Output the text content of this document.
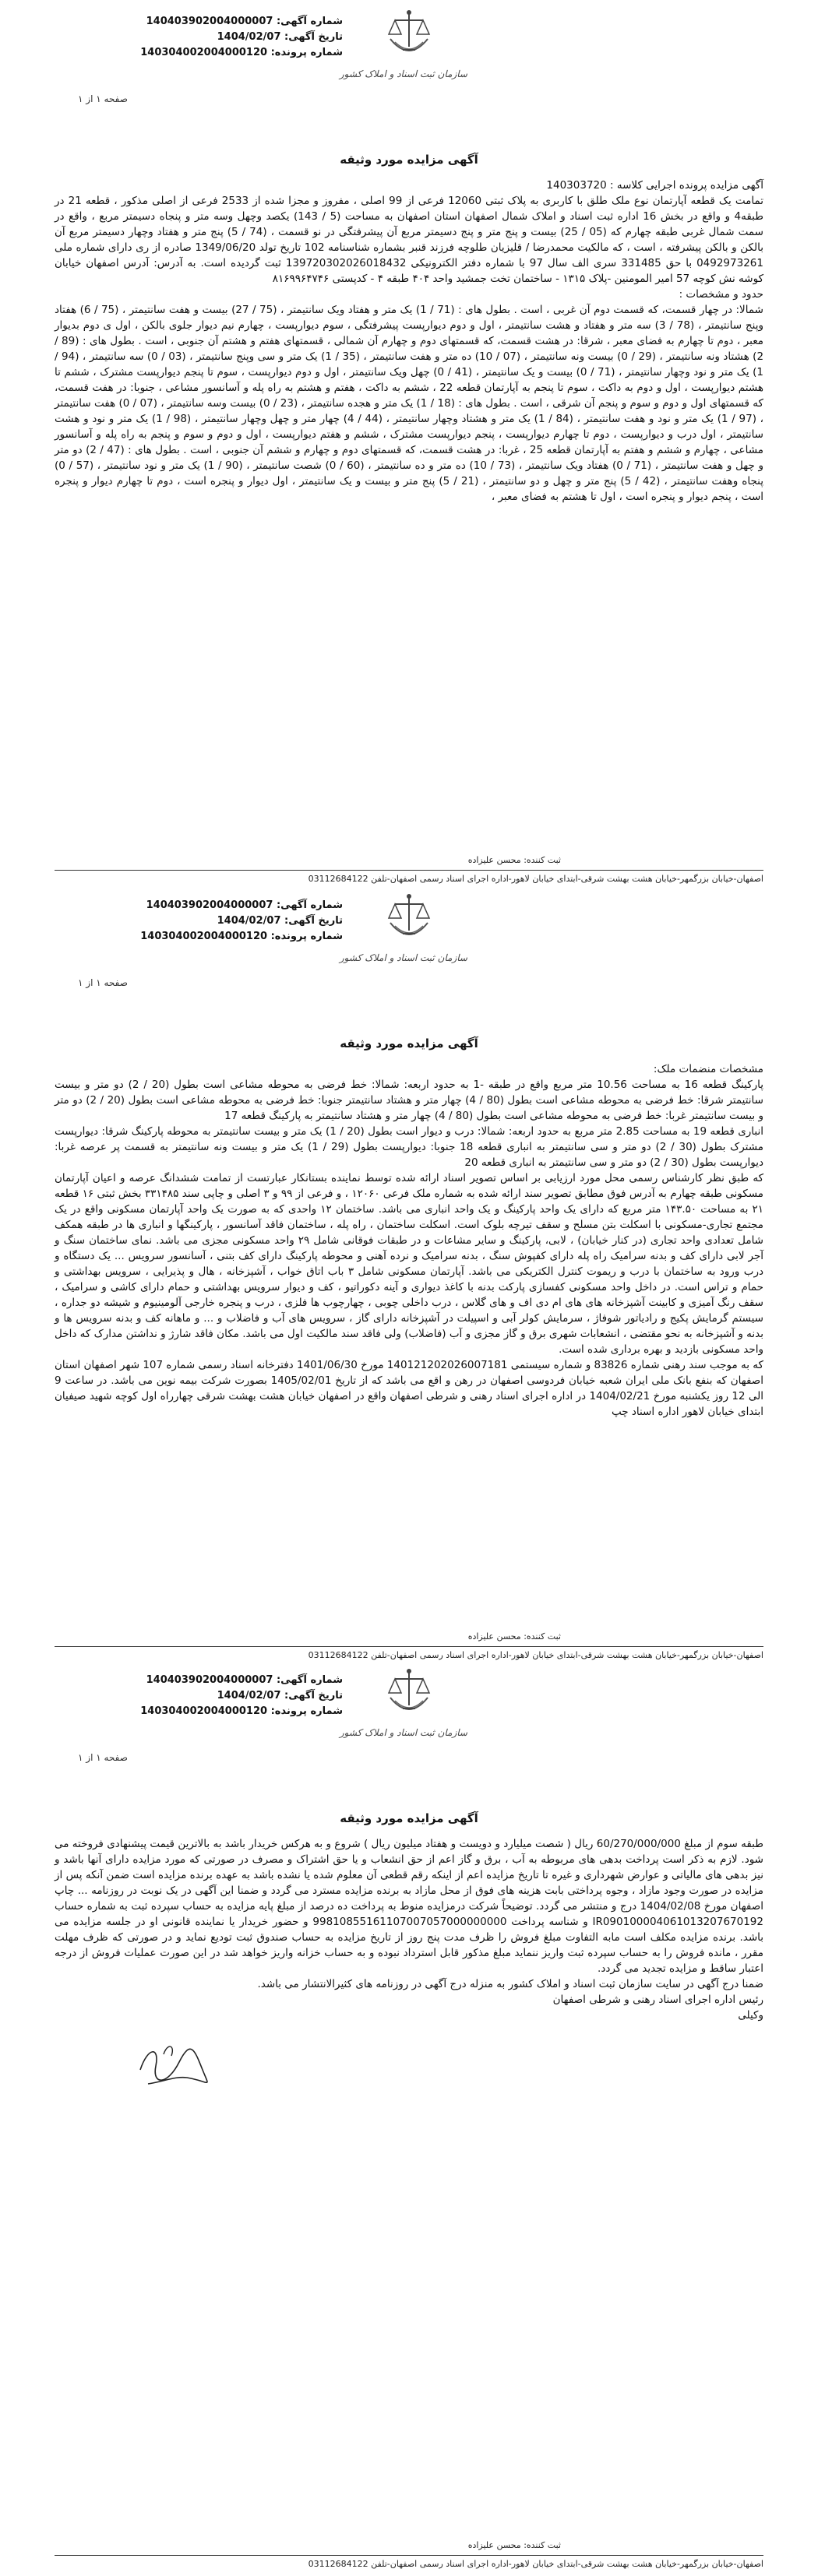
شماره آگهی: 140403902004000007
تاریخ آگهی: 1404/02/07
شماره پرونده: 140304002004000120
سازمان ثبت اسناد و املاک کشور
صفحه ۱ از ۱
آگهی مزایده مورد وثیقه
آگهی مزایده پرونده اجرایی کلاسه : 140303720
تمامت یک قطعه آپارتمان نوع ملک طلق با کاربری به پلاک ثبتی 12060 فرعی از 99 اصلی ، مفروز و مجزا شده از 2533 فرعی از اصلی مذکور ، قطعه 21 در طبقه4 و واقع در بخش 16 اداره ثبت اسناد و املاک شمال اصفهان استان اصفهان به مساحت (5 / 143) یکصد وچهل وسه متر و پنجاه دسیمتر مربع ، واقع در سمت شمال غربی طبقه چهارم که (05 / 25) بیست و پنج متر و پنج دسیمتر مربع آن پیشرفتگی در نو قسمت ، (74 / 5) پنج متر و هفتاد وچهار دسیمتر مربع آن بالکن و بالکن پیشرفته ، است ، که مالکیت محمدرضا / قلیزیان طلوچه فرزند قنبر بشماره شناسنامه 102 تاریخ تولد 1349/06/20 صادره از ری دارای شماره ملی 0492973261 با حق 331485 سری الف سال 97 با شماره دفتر الکترونیکی 139720302026018432 ثبت گردیده است. به آدرس: آدرس اصفهان خیابان کوشه نش کوچه 57 امیر المومنین -پلاک ۱۳۱۵ - ساختمان تخت جمشید واحد ۴۰۴ طبقه ۴ - کدپستی ۸۱۶۹۹۶۴۷۴۶
حدود و مشخصات :
شمالا: در چهار قسمت، که قسمت دوم آن غربی ، است . بطول های : (71 / 1) یک متر و هفتاد ویک سانتیمتر ، (75 / 27) بیست و هفت سانتیمتر ، (75 / 6) هفتاد وپنج سانتیمتر ، (78 / 3) سه متر و هفتاد و هشت سانتیمتر ، اول و دوم دیوارپست پیشرفتگی ، سوم دیوارپست ، چهارم نیم دیوار جلوی بالکن ، اول ی دوم بدیوار معبر ، دوم تا چهارم به فضای معبر ، شرقا: در هشت قسمت، که قسمتهای دوم و چهارم آن شمالی ، قسمتهای هفتم و هشتم آن جنوبی ، است . بطول های : (89 / 2) هشتاد ونه سانتیمتر ، (29 / 0) بیست ونه سانتیمتر ، (07 / 10) ده متر و هفت سانتیمتر ، (35 / 1) یک متر و سی وپنج سانتیمتر ، (03 / 0) سه سانتیمتر ، (94 / 1) یک متر و نود وچهار سانتیمتر ، (71 / 0) بیست و یک سانتیمتر ، (41 / 0) چهل ویک سانتیمتر ، اول و دوم دیوارپست ، سوم تا پنجم دیوارپست مشترک ، ششم تا هشتم دیوارپست ، اول و دوم به داکت ، سوم تا پنجم به آپارتمان قطعه 22 ، ششم به داکت ، هفتم و هشتم به راه پله و آسانسور مشاعی ، جنوبا: در هفت قسمت، که قسمتهای اول و دوم و سوم و پنجم آن شرقی ، است . بطول های : (18 / 1) یک متر و هجده سانتیمتر ، (23 / 0) بیست وسه سانتیمتر ، (07 / 0) هفت سانتیمتر ، (97 / 1) یک متر و نود و هفت سانتیمتر ، (84 / 1) یک متر و هشتاد وچهار سانتیمتر ، (44 / 4) چهار متر و چهل وچهار سانتیمتر ، (98 / 1) یک متر و نود و هشت سانتیمتر ، اول درب و دیوارپست ، دوم تا چهارم دیوارپست ، پنجم دیوارپست مشترک ، ششم و هفتم دیوارپست ، اول و دوم و سوم و پنجم به راه پله و آسانسور مشاعی ، چهارم و ششم و هفتم به آپارتمان قطعه 25 ، غربا: در هشت قسمت، که قسمتهای دوم و چهارم و ششم آن جنوبی ، است . بطول های : (47 / 2) دو متر و چهل و هفت سانتیمتر ، (71 / 0) هفتاد ویک سانتیمتر ، (73 / 10) ده متر و ده سانتیمتر ، (60 / 0) شصت سانتیمتر ، (90 / 1) یک متر و نود سانتیمتر ، (57 / 0) پنجاه وهفت سانتیمتر ، (42 / 5) پنج متر و چهل و دو سانتیمتر ، (21 / 5) پنج متر و بیست و یک سانتیمتر ، اول دیوار و پنجره است ، دوم تا چهارم دیوار و پنجره است ، پنجم دیوار و پنجره است ، اول تا هشتم به فضای معبر ،
ثبت کننده: محسن علیزاده
اصفهان-خیابان بزرگمهر-خیابان هشت بهشت شرقی-ابتدای خیابان لاهور-اداره اجرای اسناد رسمی اصفهان-تلفن 03112684122
شماره آگهی: 140403902004000007
تاریخ آگهی: 1404/02/07
شماره پرونده: 140304002004000120
سازمان ثبت اسناد و املاک کشور
صفحه ۱ از ۱
آگهی مزایده مورد وثیقه
مشخصات منضمات ملک:
پارکینگ قطعه 16 به مساحت 10.56 متر مربع واقع در طبقه -1 به حدود اربعه: شمالا: خط فرضی به محوطه مشاعی است بطول (20 / 2) دو متر و بیست سانتیمتر شرقا: خط فرضی به محوطه مشاعی است بطول (80 / 4) چهار متر و هشتاد سانتیمتر جنوبا: خط فرضی به محوطه مشاعی است بطول (20 / 2) دو متر و بیست سانتیمتر غربا: خط فرضی به محوطه مشاعی است بطول (80 / 4) چهار متر و هشتاد سانتیمتر به پارکینگ قطعه 17
انباری قطعه 19 به مساحت 2.85 متر مربع به حدود اربعه: شمالا: درب و دیوار است بطول (20 / 1) یک متر و بیست سانتیمتر به محوطه پارکینگ شرقا: دیوارپست مشترک بطول (30 / 2) دو متر و سی سانتیمتر به انباری قطعه 18 جنوبا: دیوارپست بطول (29 / 1) یک متر و بیست ونه سانتیمتر به قسمت پر عرصه غربا: دیوارپست بطول (30 / 2) دو متر و سی سانتیمتر به انباری قطعه 20
که طبق نظر کارشناس رسمی محل مورد ارزیابی بر اساس تصویر اسناد ارائه شده توسط نماینده بستانکار عبارتست از تمامت ششدانگ عرصه و اعیان آپارتمان مسکونی طبقه چهارم به آدرس فوق مطابق تصویر سند ارائه شده به شماره ملک فرعی ۱۲۰۶۰ ، و فرعی از ۹۹ و ۳ اصلی و چاپی سند ۳۳۱۴۸۵ بخش ثبتی ۱۶ قطعه ۲۱ به مساحت ۱۴۳.۵۰ متر مربع که دارای یک واحد پارکینگ و یک واحد انباری می باشد. ساختمان ۱۲ واحدی که به صورت یک واحد آپارتمان مسکونی واقع در یک مجتمع تجاری-مسکونی با اسکلت بتن مسلح و سقف تیرچه بلوک است. اسکلت ساختمان ، راه پله ، ساختمان فاقد آسانسور ، پارکینگها و انباری ها در طبقه همکف شامل تعدادی واحد تجاری (در کنار خیابان) ، لابی، پارکینگ و سایر مشاعات و در طبقات فوقانی شامل ۲۹ واحد مسکونی مجزی می باشد. نمای ساختمان سنگ و آجر لابی دارای کف و بدنه سرامیک راه پله دارای کفپوش سنگ ، بدنه سرامیک و نرده آهنی و محوطه پارکینگ دارای کف بتنی ، آسانسور سرویس ... یک دستگاه و درب ورود به ساختمان با درب و ریموت کنترل الکتریکی می باشد. آپارتمان مسکونی شامل ۳ باب اتاق خواب ، آشپزخانه ، هال و پذیرایی ، سرویس بهداشتی و حمام و تراس است. در داخل واحد مسکونی کفسازی پارکت بدنه با کاغذ دیواری و آینه دکوراتیو ، کف و دیوار سرویس بهداشتی و حمام دارای کاشی و سرامیک ، سقف رنگ آمیزی و کابینت آشپزخانه های های ام دی اف و های گلاس ، درب داخلی چوبی ، چهارچوب ها فلزی ، درب و پنجره خارجی آلومینیوم و شیشه دو جداره ، سیستم گرمایش پکیج و رادیاتور شوفاژ ، سرمایش کولر آبی و اسپیلت در آشپزخانه دارای گاز ، سرویس های آب و فاضلاب و ... و ماهانه کف و بدنه سرویس ها و بدنه و آشپزخانه به نحو مقتضی ، انشعابات شهری برق و گاز مجزی و آب (فاضلاب) ولی فاقد سند مالکیت اول می باشد. مکان فاقد شارژ و نداشتن مدارک که داخل واحد مسکونی بازدید و بهره برداری شده است.
که به موجب سند رهنی شماره 83826 و شماره سیستمی 140121202026007181 مورخ 1401/06/30 دفترخانه اسناد رسمی شماره 107 شهر اصفهان استان اصفهان که بنفع بانک ملی ایران شعبه خیابان فردوسی اصفهان در رهن و اقع می باشد که از تاریخ 1405/02/01 بصورت شرکت بیمه نوین می باشد. در ساعت 9 الی 12 روز یکشنبه مورخ 1404/02/21 در اداره اجرای اسناد رهنی و شرطی اصفهان واقع در اصفهان خیابان هشت بهشت شرقی چهارراه اول کوچه شهید صیفیان ابتدای خیابان لاهور اداره اسناد چپ
ثبت کننده: محسن علیزاده
اصفهان-خیابان بزرگمهر-خیابان هشت بهشت شرقی-ابتدای خیابان لاهور-اداره اجرای اسناد رسمی اصفهان-تلفن 03112684122
شماره آگهی: 140403902004000007
تاریخ آگهی: 1404/02/07
شماره پرونده: 140304002004000120
سازمان ثبت اسناد و املاک کشور
صفحه ۱ از ۱
آگهی مزایده مورد وثیقه
طبقه سوم از مبلغ 60/270/000/000 ریال ( شصت میلیارد و دویست و هفتاد میلیون ریال ) شروع و به هرکس خریدار باشد به بالاترین قیمت پیشنهادی فروخته می شود. لازم به ذکر است پرداخت بدهی های مربوطه به آب ، برق و گاز اعم از حق انشعاب و یا حق اشتراک و مصرف در صورتی که مورد مزایده دارای آنها باشد و نیز بدهی های مالیاتی و عوارض شهرداری و غیره تا تاریخ مزایده اعم از اینکه رقم قطعی آن معلوم شده یا نشده باشد به عهده برنده مزایده است ضمن آنکه پس از مزایده در صورت وجود مازاد ، وجوه پرداختی بابت هزینه های فوق از محل مازاد به برنده مزایده مسترد می گردد و ضمنا این آگهی در یک نوبت در روزنامه ... چاپ اصفهان مورخ 1404/02/08 درج و منتشر می گردد. توضیحاً شرکت درمزایده منوط به پرداخت ده درصد از مبلغ پایه مزایده به حساب سپرده ثبت به شماره حساب IR090100004061013207670192 و شناسه پرداخت 99810855161107007057000000000 و حضور خریدار یا نماینده قانونی او در جلسه مزایده می باشد. برنده مزایده مکلف است مابه التفاوت مبلغ فروش را ظرف مدت پنج روز از تاریخ مزایده به حساب صندوق ثبت تودیع نماید و در صورتی که ظرف مهلت مقرر ، مانده فروش را به حساب سپرده ثبت واریز ننماید مبلغ مذکور قابل استرداد نبوده و به حساب خزانه واریز خواهد شد در این صورت عملیات فروش از درجه اعتبار ساقط و مزایده تجدید می گردد.
ضمنا درج آگهی در سایت سازمان ثبت اسناد و املاک کشور به منزله درج آگهی در روزنامه های کثیرالانتشار می باشد.
رئیس اداره اجرای اسناد رهنی و شرطی اصفهان
وکیلی
ثبت کننده: محسن علیزاده
اصفهان-خیابان بزرگمهر-خیابان هشت بهشت شرقی-ابتدای خیابان لاهور-اداره اجرای اسناد رسمی اصفهان-تلفن 03112684122
